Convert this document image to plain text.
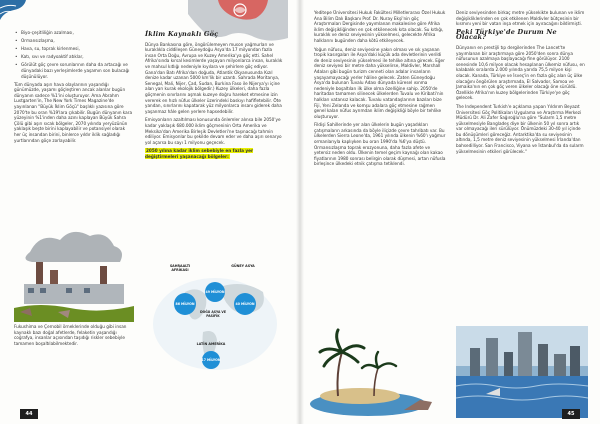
• Biyo-çeşitliliğin azalması,
• Ormansızlaşma,
• Hava, su, toprak kirlenmesi,
• Katı, sıvı ve radyoaktif atıklar,
• Görülüt göç çevre sorunlarının daha da artacağı ve dünyadaki bazı yerleşimlerde yaşamın son bulacağı düşünülüyor.

Tüm dünyada aşırı hava olaylarının yaşandığı günümüzde, yaşamı göçleştiren ancak alanlar bugün dünyanın sadece %1'ini oluşturuyor. Ama Abrahm Lustgarten'in, The New York Times Magazine'de yayınlanan "Büyük İklim Göçü" başlıklı yazısına göre 2070'te bu oran %19'lara çıkabilir. Bugün dünyanın kara yüzeyinin %1'inden daha azını kaplayan Büyük Sahra Çölü gibi aşırı sıcak bölgeler, 2070 yılında yeryüzünün yaklaşık beşte birini kaplayabilir ve potansiyel olarak her üç insandan birini, binlerce yıldır iklik sağladığı yurtlarından göçe zorlayabilir.

Fukushima ve Çernobil örneklerinde olduğu gibi insan kaynaklı bazı doğal afetlerde, felaketin yaşandığı coğrafya, insanlar açısından taşıdığı riskler sebebiyle tamamen boşaltılabilmektedir.

İklim Kaynaklı Göç

Dünya Bankasına göre, öngörülemeyen muson yağmurları ve kuraklıkla ciddileşen Güneydoğu Asya'da 17 milyondan fazla insan Orta Doğu, Avrupa ve Kuzey Amerika'ya göç etti. Sahel Afrika'sında kırsal kesimlerde yaşayan milyonlarca insan, kuraklık ve mahsul kıtlığı nedeniyle kıyılara ve şehirlere göç ediyor. Gana'dan Batı Afrika'dan doğuda, Atlantik Okyanusunda Kızıl denize kadar uzanan 5000 km'lik bir uzantı. Sahrada Moritanya, Senegal, Mali, Nijer, Çad, Sudan, Burkina Faso ile Nijerya'yı içine alan yarı kurak ekolojik bölgedir.) Kuzey ülkeleri, daha fazla göçmenin sınırlarını aşmak kuzeye doğru hareket etmesine izin vererek en hızlı nüfus ülkeler üzerindeki baskıyı hafifletebilir. Öte yandan, sınırlarını kapatarak yüz milyonlarca insanı giderek daha yaşanmaz hâle gelen yerlere hapsedebilir.

Emisyonların azaltılması konusunda önlemler alınsa bile 2050'ye kadar yaklaşık 680.000 iklim göçmeninin Orta Amerika ve Meksika'dan Amerika Birleşik Devletleri'ne taşınacağı tahmin ediliyor. Emisyonlar bu şekilde devam eder ve daha aşırı senaryo yol açarsa bu sayı 1 milyonu geçecek.

2050 yılına kadar iklim sebebiyle en fazla yer değiştirmeleri yaşanacağı bölgeler:

SAHRAALTI AFRİKASI
86 MİLYON
GÜNEY ASYA
40 MİLYON
DOĞU ASYA VE PASİFİK
49 MİLYON
LATİN AMERİKA
17 MİLYON
44

Yeditepe Üniversitesi Hukuk Fakültesi Milletlerarası Özel Hukuk Ana Bilim Dalı Başkanı Prof. Dr. Nuray Ekşi'nin göç Araştırmaları Dergisinde yayımlanan makalesine göre Afrika iklim değişikliğinden en çok etkilenecek kıta olacak. Su kıtlığı, kuraklık ve deniz seviyesinin yükselmesi, gelecekte Afrika halklarını bugünden daha kötü etkileyecek.

Yoğun nüfusu, deniz seviyesine yakın olması ve sık yaşanan tropik kasırgaları ile Asya'daki küçük ada devletlerinin verildi de deniz seviyesinin yükselmesi ile tehlike altına girecek. Eğer deniz seviyesi bir metre daha yükselirse, Maldivler, Marshall Adaları gibi bugün turizm cenneti olan adalar insanların yaşayamayacağı yerler hâline gelecek. Zaten Güneydoğu Asya'da bulunan Tuvalu Adası dünyada küresel ısınma nedeniyle boşaltılan ilk ülke olma özelliğine sahip. 2050'de haritadan tamamen silinecek ülkelerden Tuvalu ve Kiribati'nin halkları vatansız kalacak. Tuvalu vatandaşlarının bazıları bize Fiji, Yeni Zelanda ve komşu adalara göç etmesine rağmen genel kalan nüfus ayrımdan iklim değişikliği böyle bir tehlike oluşturuyor.

Fildişi Sahillerinde yer alan ülkelerin bugün yaşadıkları çatışmaların arkasında da böyle iliçizde çevre tahribatı var. Bu ülkelerden Sierra Leone'da, 1961 yılında ülkenin %60'ı yağmur ormanlarıyla kaplıyken bu oran 1990'da %6'ya düştü. Ormansızlaşma toprak erozyonuna, daha fazla afete ve yetersiz neden oldu. Ülkenin temel geçim kaynağı olan kakao fiyatlarının 1980 sonrası belirgin olarak düşmesi, artan nüfusla birleşince ülkedeki etnik çatışma tetiklendi.

Deniz seviyesinden birkaç metre yüksekikte bulunan ve iklim değişikliklerinden en çok etkilenen Maldivler bütçesinin bir kısmını yeni bir vatan inşa etmek için ayıracağını bildirmişti.

Peki Türkiye'de Durum Ne Olacak?

Dünyanın en prestijli tıp dergilerinden The Lancet'te yayımlanan bir araştırmaya göre 2050'den sonra dünya nüfusunun azalmaya başlayacağı fine görülüyor. 2100 senesinde 10,6 milyon olacak hesaplanan ülkemiz nüfusu, en kalabalık sıralarda 2.000 yılında yarıda 75,5 milyon kişi olacak. Kanada, Türkiye ve İsveç'in en fazla göç alan üç ülke olacağını öngörülen araştırmada, El Salvador, Samoa ve Jamaika'nın en çok göç veren ülkeler olacağı öne sürüldü. Özellikle Afrika'nın kuzey bölgelerinden Türkiye'ye göç gelecek.

The Independent Turkish'e açıklama yapan Yıldırım Beyazıt Üniversitesi Göç Politikaları Uygulama ve Araştırma Merkezi Müdürü Dr. Ali Zafer Sağıroğlu'na göre "Sularm 1,5 metre yükselmesiyle Bangladeş diye bir ülkenin 50 yıl sonra artık var olmayacağı ileri sürülüyor. Önümüzdeki 30-40 yıl içinde bu dönüşümleri göreceğiz. Antarktika'da su seviyesinin altında, 1,5 metre deniz seviyesinin yükselmesi İrlanda'dan bahsedilliyor. San Francisco, Viyana ve İstanbul'da da sularm yükselmesinin etkileri görülecek."

45
